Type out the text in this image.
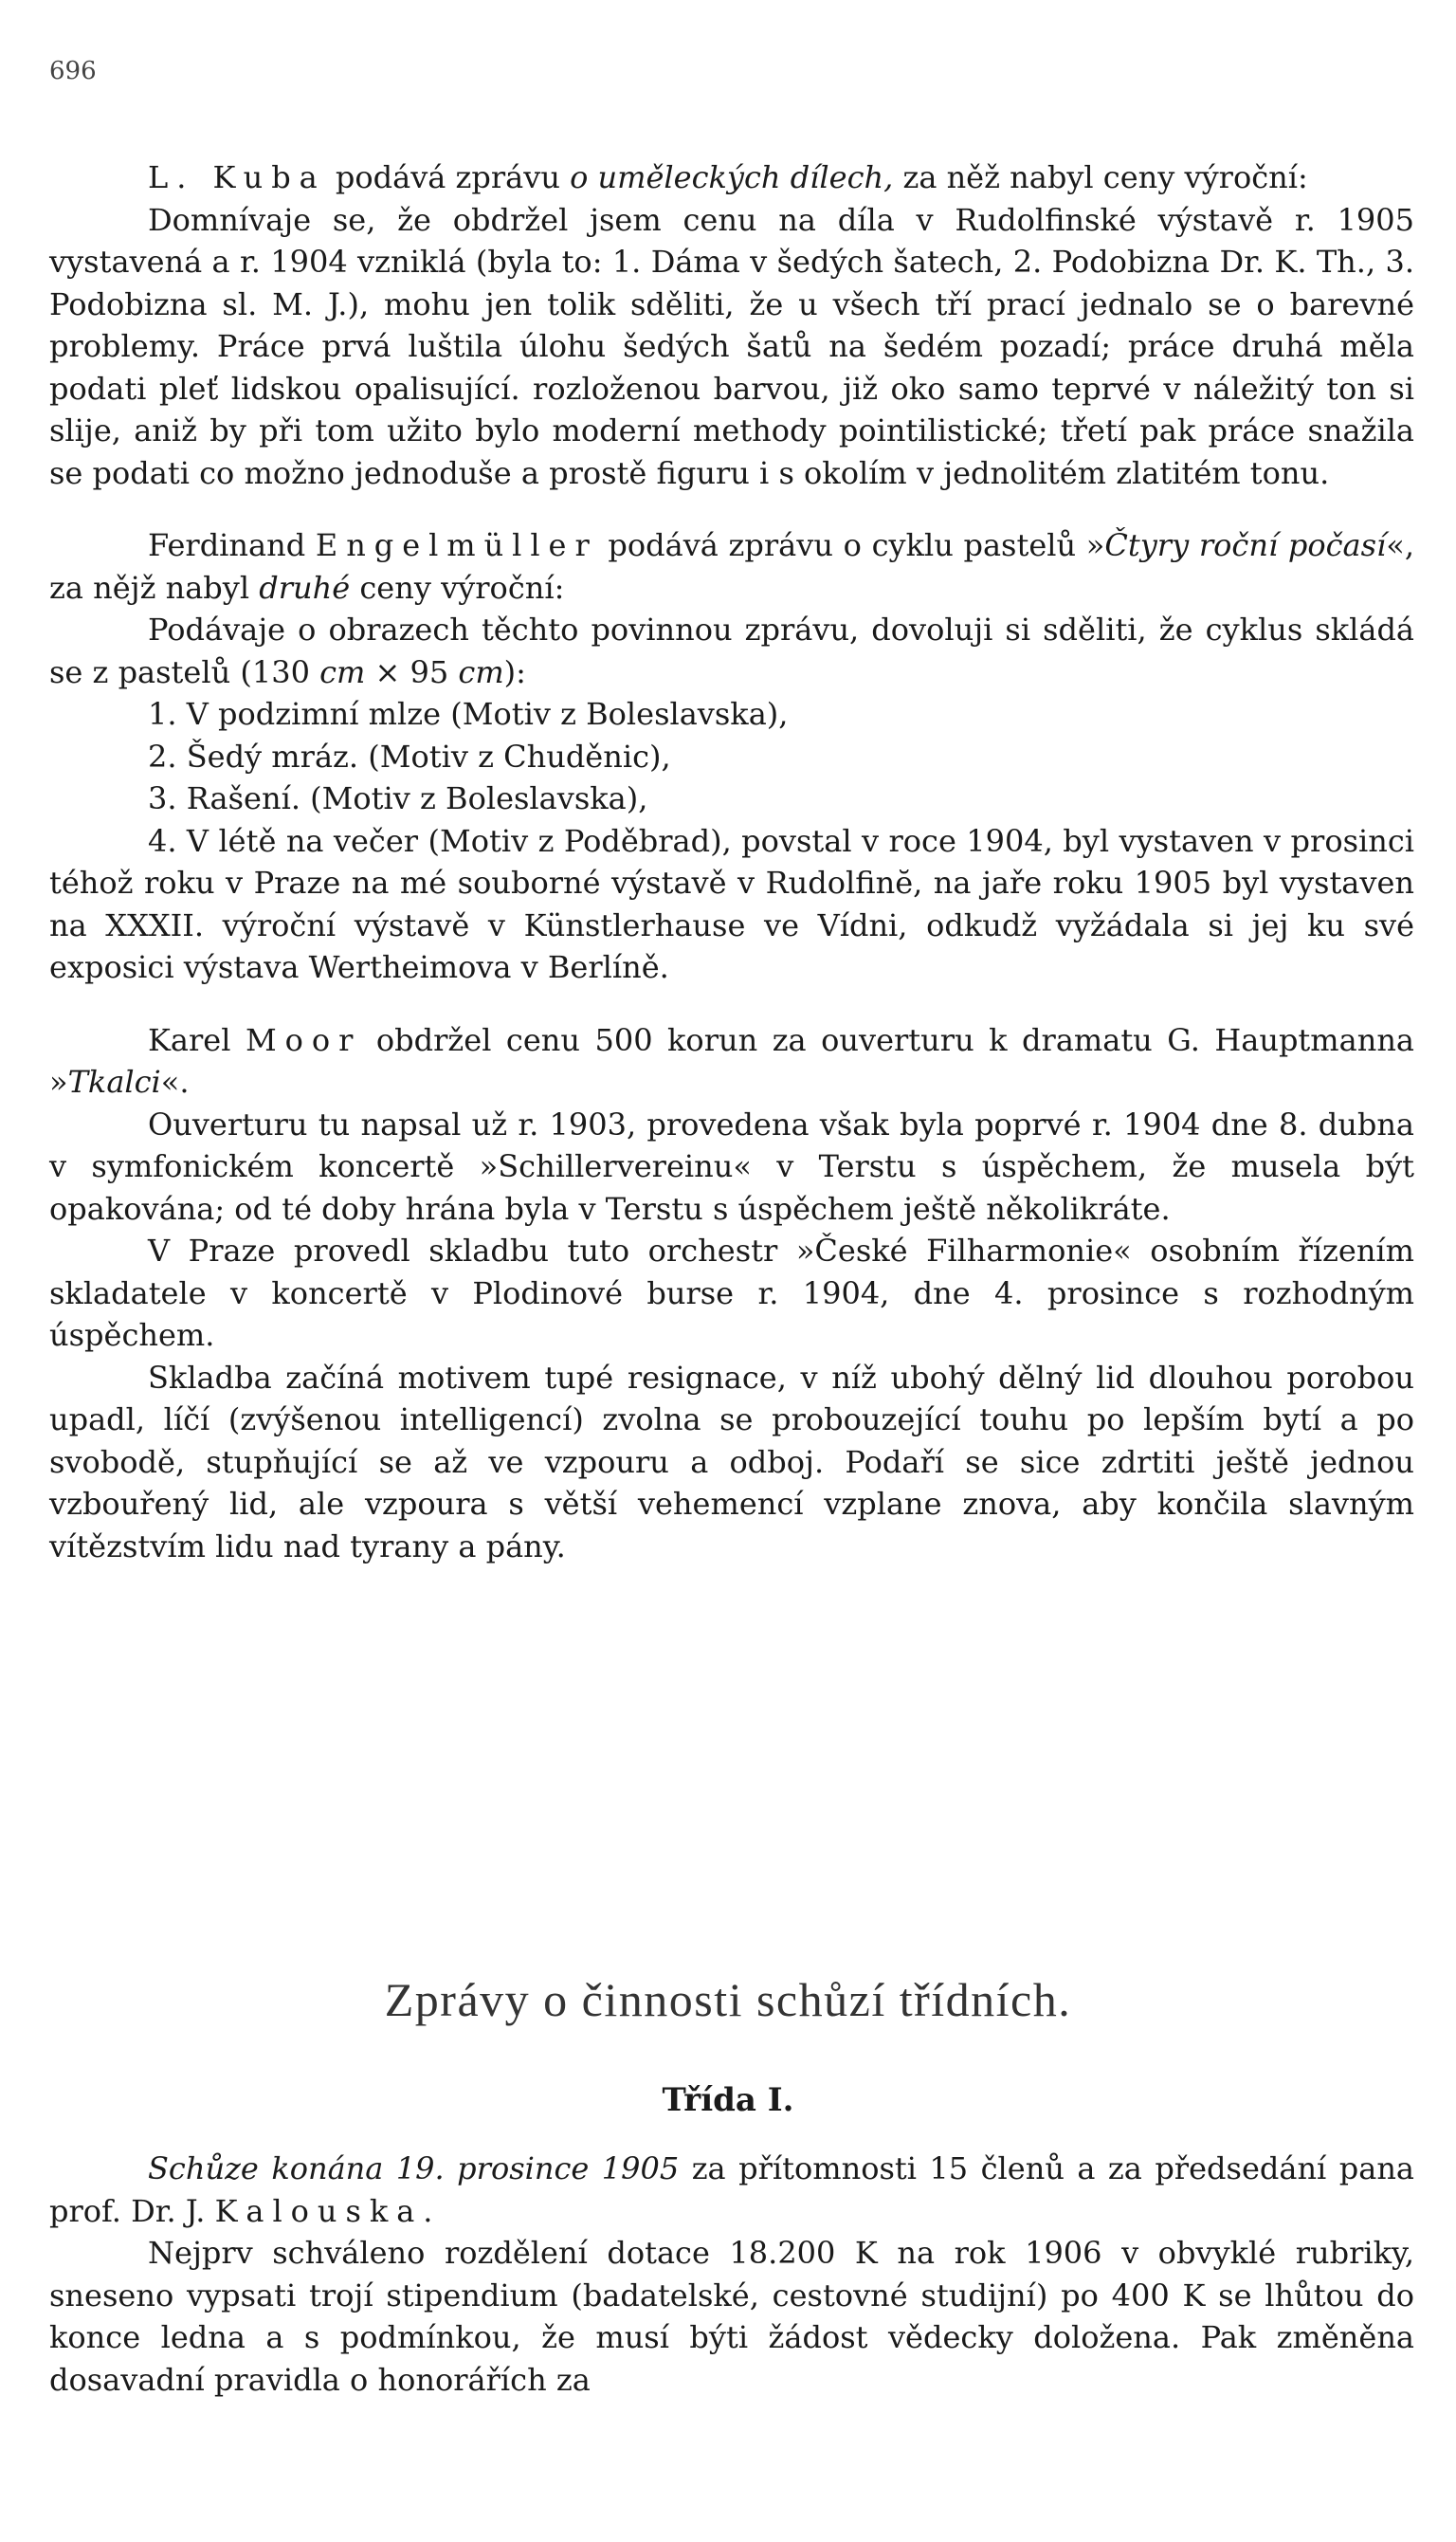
696

L. Kuba podává zprávu o uměleckých dílech, za něž nabyl ceny výroční:

Domnívaje se, že obdržel jsem cenu na díla v Rudolfinské výstavě r. 1905 vystavená a r. 1904 vzniklá (byla to: 1. Dáma v šedých šatech, 2. Podobizna Dr. K. Th., 3. Podobizna sl. M. J.), mohu jen tolik sděliti, že u všech tří prací jednalo se o barevné problemy. Práce prvá luštila úlohu šedých šatů na šedém pozadí; práce druhá měla podati pleť lidskou opalisující. rozloženou barvou, již oko samo teprvé v náležitý ton si slije, aniž by při tom užito bylo moderní methody pointilistické; třetí pak práce snažila se podati co možno jednoduše a prostě figuru i s okolím v jednolitém zlatitém tonu.

Ferdinand Engelmüller podává zprávu o cyklu pastelů »Čtyry roční počasí«, za nějž nabyl druhé ceny výroční:

Podávaje o obrazech těchto povinnou zprávu, dovoluji si sděliti, že cyklus skládá se z pastelů (130 cm × 95 cm):

1. V podzimní mlze (Motiv z Boleslavska),

2. Šedý mráz. (Motiv z Chuděnic),

3. Rašení. (Motiv z Boleslavska),

4. V létě na večer (Motiv z Poděbrad), povstal v roce 1904, byl vystaven v prosinci téhož roku v Praze na mé souborné výstavě v Rudolfinĕ, na jaře roku 1905 byl vystaven na XXXII. výroční výstavě v Künstlerhause ve Vídni, odkudž vyžádala si jej ku své exposici výstava Wertheimova v Berlíně.

Karel Moor obdržel cenu 500 korun za ouverturu k dramatu G. Hauptmanna »Tkalci«.

Ouverturu tu napsal už r. 1903, provedena však byla poprvé r. 1904 dne 8. dubna v symfonickém koncertě »Schillervereinu« v Terstu s úspěchem, že musela být opakována; od té doby hrána byla v Terstu s úspěchem ještě několikráte.

V Praze provedl skladbu tuto orchestr »České Filharmonie« osobním řízením skladatele v koncertě v Plodinové burse r. 1904, dne 4. prosince s rozhodným úspěchem.

Skladba začíná motivem tupé resignace, v níž ubohý dělný lid dlouhou porobou upadl, líčí (zvýšenou intelligencí) zvolna se probouzející touhu po lepším bytí a po svobodě, stupňující se až ve vzpouru a odboj. Podaří se sice zdrtiti ještě jednou vzbouřený lid, ale vzpoura s větší vehemencí vzplane znova, aby končila slavným vítězstvím lidu nad tyrany a pány.

Zprávy o činnosti schůzí třídních.
Třída I.

Schůze konána 19. prosince 1905 za přítomnosti 15 členů a za předsedání pana prof. Dr. J. Kalouska.

Nejprv schváleno rozdělení dotace 18.200 K na rok 1906 v obvyklé rubriky, sneseno vypsati trojí stipendium (badatelské, cestovné studijní) po 400 K se lhůtou do konce ledna a s podmínkou, že musí býti žádost vědecky doložena. Pak změněna dosavadní pravidla o honorářích za
